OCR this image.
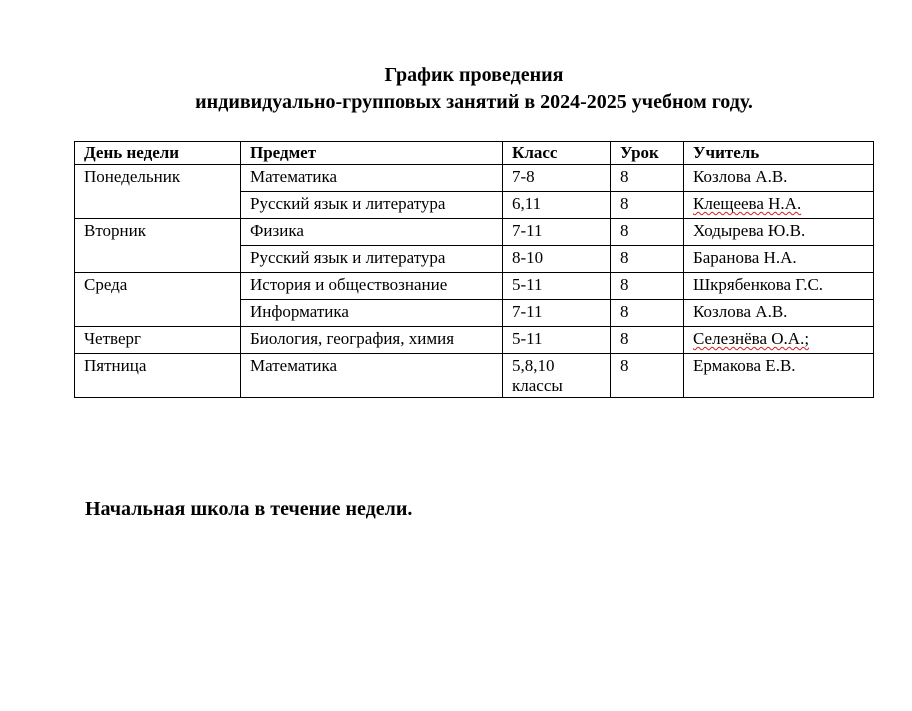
График проведения
индивидуально-групповых занятий в 2024-2025 учебном году.
День недели	Предмет	Класс	Урок	Учитель
Понедельник	Математика	7-8	8	Козлова А.В.
	Русский язык и литература	6,11	8	Клещеева Н.А.
Вторник	Физика	7-11	8	Ходырева Ю.В.
	Русский язык и литература	8-10	8	Баранова Н.А.
Среда	История и обществознание	5-11	8	Шкрябенкова Г.С.
	Информатика	7-11	8	Козлова А.В.
Четверг	Биология, география, химия	5-11	8	Селезнёва О.А.;
Пятница	Математика	5,8,10 классы	8	Ермакова Е.В.
Начальная школа в течение недели.
